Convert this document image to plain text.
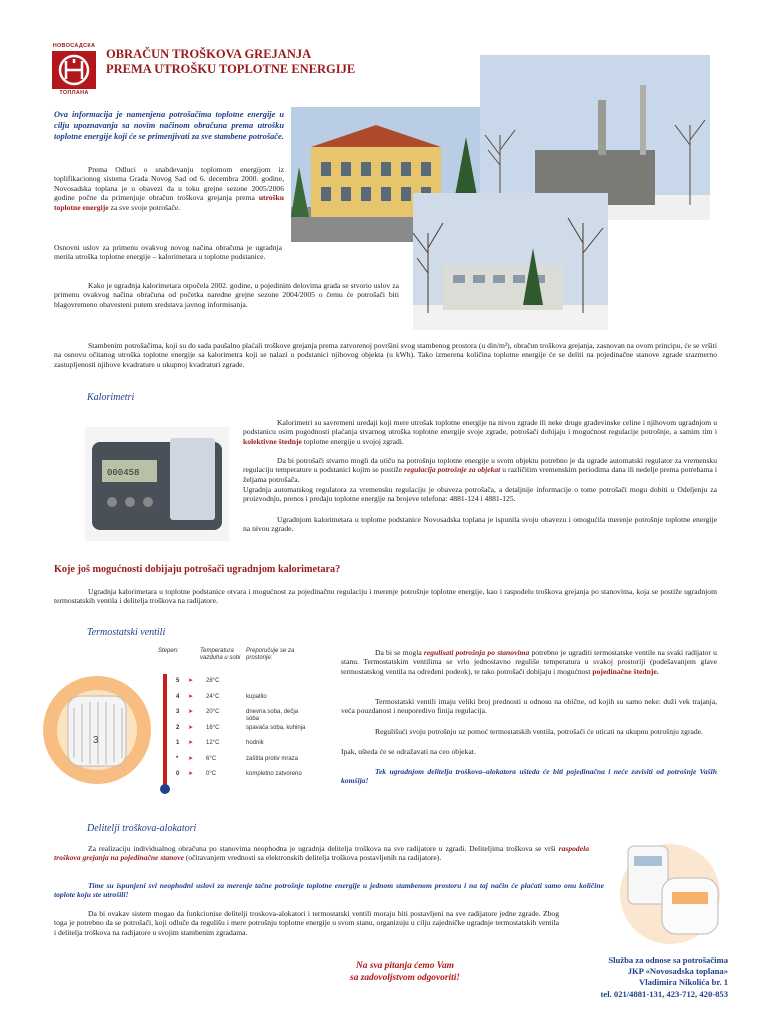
НОВОСАДСКА
ТОПЛАНА
OBRAČUN TROŠKOVA GREJANJA
PREMA UTROŠKU TOPLOTNE ENERGIJE
Ova informacija je namenjena potrošačima toplotne energije u cilju upoznavanja sa novim načinom obračuna prema utrošku toplotne energije koji će se primenjivati za sve stambene potrošače.
Prema Odluci o snabdevanju toplotnom energijom iz toplifikacionog sistema Grada Novog Sad od 6. decembra 2000. godine, Novosadska toplana je u obavezi da u toku grejne sezone 2005/2006 godine počne da primenjuje obračun troškova grejanja prema utrošku toplotne energije za sve svoje potrošače.
Osnovni uslov za primenu ovakvog novog načina obračuna je ugradnja merila utroška toplotne energije – kalorimetara u toplotne podstanice.
Kako je ugradnja kalorimetara otpočela 2002. godine, u pojedinim delovima grada se stvorio uslov za primenu ovakvog načina obračuna od početka naredne grejne sezone 2004/2005 o čemu će potrošači biti blagovremeno obavesteni putem sredstava javnog informisanja.
Stambenim potrošačima, koji su do sada paušalno plaćali troškove grejanja prema zatvorenoj površini svog stambenog prostora (u din/m²), obračun troškova grejanja, zasnovan na ovom principu, će se vršiti na osnovu očitanog utroška toplotne energije sa kalorimetra koji se nalazi u podstanici njihovog objekta (u kWh). Tako izmerena količina toplotne energije će se deliti na pojedinačne stanove zgrade srazmerno zastupljenosti njihove kvadrature u ukupnoj kvadraturi zgrade.
Kalorimetri
000458
Kalorimetri su savremeni uređaji koji mere utrošak toplotne energije na nivou zgrade ili neke druge građevinske celine i njihovom ugradnjom u podstanicu osim pogodnosti plaćanja stvarnog utroška toplotne energije svoje zgrade, potrošači dobijaju i mogućnost regulacije potrošnje, a samim tim i kolektivne štednje toplotne energije u svojoj zgradi.
Da bi potrošači stvarno mogli da utiču na potrošnju toplotne energije u svom objektu potrebno je da ugrade automatski regulator za vremensku regulaciju temperature u podstanici kojim se postiže regulacija potrošnje za objekat u različitim vremenskim periodima dana ili nedelje prema potrebama i željama potrošača.
Ugradnja automatskog regulatora za vremensku regulaciju je obaveza potrošača, a detaljnije informacije o tome potrošači mogu dobiti u Odeljenju za proizvodnju, prenos i predaju toplotne energije na brojeve telefona: 4881-124 i 4881-125.
Ugradnjom kalorimetara u toplotne podstanice Novosadska toplana je ispunila svoju obavezu i omogućila merenje potrošnje toplotne energije na nivou zgrade.
Koje još mogućnosti dobijaju potrošači ugradnjom kalorimetara?
Ugradnja kalorimetara u toplotne podstanice otvara i mogućnost za pojedinačnu regulaciju i merenje potrošnje toplotne energije, kao i raspodelu troškova grejanja po stanovima, koja se postiže ugradnjom termostatskih ventila i delitelja troškova na radijatore.
Termostatski ventili
3
Stepen:	Temperatura vazduha u sobi
Preporučuje se za prostorije:
5	➤	28°C
4	➤	24°C	kupatilo
3	➤	20°C	dnevna soba, dečja soba
2	➤	16°C	spavaća soba, kuhinja
1	➤	12°C	hodnik
*	➤	6°C	zaštita protiv mraza
0	➤	0°C	kompletno zatvoreno
Da bi se mogla regulisati potrošnja po stanovima potrebno je ugraditi termostatske ventile na svaki radijator u stanu. Termostatskim ventilima se vrlo jednostavno reguliše temperatura u svakoj prostoriji (podešavanjem glave termostatskog ventila na određeni podeok), te tako potrošači dobijaju i mogućnost pojedinačne štednje.
Termostatski ventili imaju veliki broj prednosti u odnosu na obične, od kojih su samo neke: duži vek trajanja, veća pouzdanost i neuporedivo finija regulacija.
Regulišući svoju potrošnju uz pomoć termostatskih ventila, potrošači će uticati na ukupnu potrošnju zgrade.
Ipak, ušteda će se odražavati na ceo objekat.
Tek ugradnjom delitelja troškova–alokatora ušteda će biti pojedinačna i neće zavisiti od potrošnje Vaših komšija!
Delitelji troškova-alokatori
Za realizaciju individualnog obračuna po stanovima neophodna je ugradnja delitelja troškova na sve radijatore u zgradi. Deliteljima troškova se vrši raspodela troškova grejanja na pojedinačne stanove (očitavanjem vrednosti sa elektronskih delitelja troškova postavljenih na radijatore).
Time su ispunjeni svi neophodni uslovi za merenje tačne potrošnje toplotne energije u jednom stambenom prostoru i na taj način će plaćati samo onu količine toplote koju ste utrošili!
Da bi ovakav sistem mogao da funkcionise delitelji troskova-alokatori i termostatski ventili moraju biti postavljeni na sve radijatore jedne zgrade. Zbog toga je potrebno da se potrošači, koji odluče da regulišu i mere potrošnju toplotne energije u svom stanu, organizuju u cilju zajedničke ugradnje termostatskih ventila i delitelja troškova na radijatore u svojim stambenim zgradama.
Na sva pitanja ćemo Vam
sa zadovoljstvom odgovoriti!
Služba za odnose sa potrošačima
JKP «Novosadska toplana»
Vladimira Nikolića br. 1
tel. 021/4881-131, 423-712, 420-853
